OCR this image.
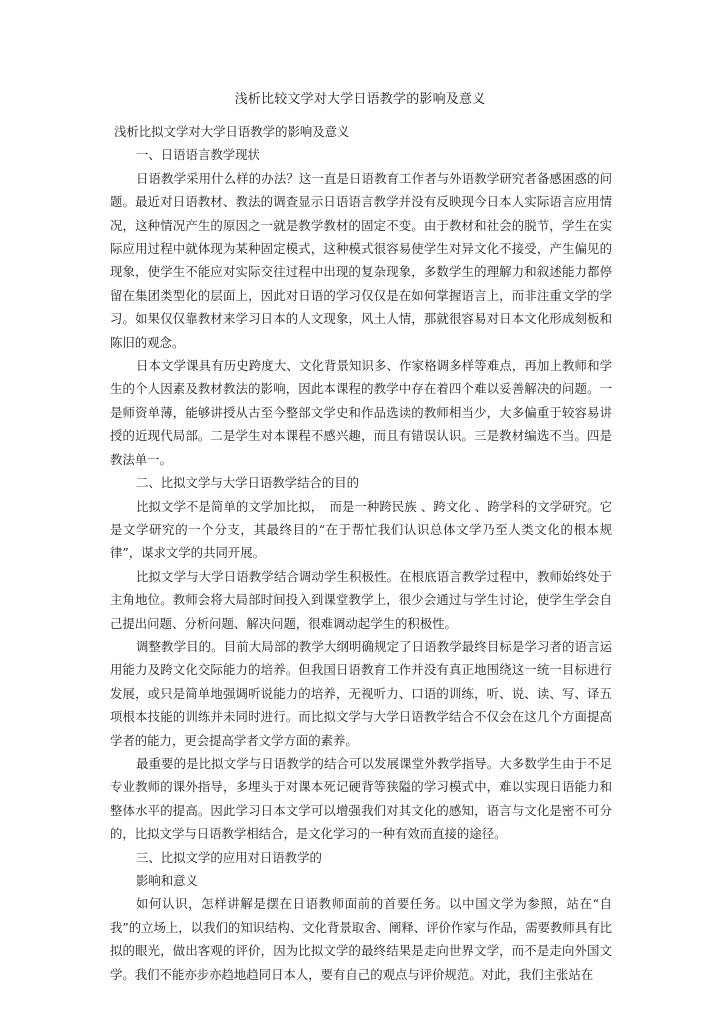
浅析比较文学对大学日语教学的影响及意义

浅析比拟文学对大学日语教学的影响及意义

一、日语语言教学现状

日语教学采用什么样的办法？这一直是日语教育工作者与外语教学研究者备感困惑的问题。最近对日语教材、教法的调查显示日语语言教学并没有反映现今日本人实际语言应用情况，这种情况产生的原因之一就是教学教材的固定不变。由于教材和社会的脱节，学生在实际应用过程中就体现为某种固定模式，这种模式很容易使学生对异文化不接受，产生偏见的现象，使学生不能应对实际交往过程中出现的复杂现象，多数学生的理解力和叙述能力都停留在集团类型化的层面上，因此对日语的学习仅仅是在如何掌握语言上，而非注重文学的学习。如果仅仅靠教材来学习日本的人文现象，风土人情，那就很容易对日本文化形成刻板和陈旧的观念。

日本文学课具有历史跨度大、文化背景知识多、作家格调多样等难点，再加上教师和学生的个人因素及教材教法的影响，因此本课程的教学中存在着四个难以妥善解决的问题。一是师资单薄，能够讲授从古至今整部文学史和作品选读的教师相当少，大多偏重于较容易讲授的近现代局部。二是学生对本课程不感兴趣，而且有错误认识。三是教材编选不当。四是教法单一。

二、比拟文学与大学日语教学结合的目的

比拟文学不是简单的文学加比拟，　而是一种跨民族 、跨文化 、跨学科的文学研究。它是文学研究的一个分支，其最终目的“在于帮忙我们认识总体文学乃至人类文化的根本规律”，谋求文学的共同开展。

比拟文学与大学日语教学结合调动学生积极性。在根底语言教学过程中，教师始终处于主角地位。教师会将大局部时间投入到课堂教学上，很少会通过与学生讨论，使学生学会自己提出问题、分析问题、解决问题，很难调动起学生的积极性。

调整教学目的。目前大局部的教学大纲明确规定了日语教学最终目标是学习者的语言运用能力及跨文化交际能力的培养。但我国日语教育工作并没有真正地围绕这一统一目标进行发展，或只是简单地强调听说能力的培养，无视听力、口语的训练，听、说、读、写、译五项根本技能的训练并未同时进行。而比拟文学与大学日语教学结合不仅会在这几个方面提高学者的能力，更会提高学者文学方面的素养。

最重要的是比拟文学与日语教学的结合可以发展课堂外教学指导。大多数学生由于不足专业教师的课外指导，多埋头于对课本死记硬背等狭隘的学习模式中，难以实现日语能力和整体水平的提高。因此学习日本文学可以增强我们对其文化的感知，语言与文化是密不可分的，比拟文学与日语教学相结合，是文化学习的一种有效而直接的途径。

三、比拟文学的应用对日语教学的

影响和意义

如何认识，怎样讲解是摆在日语教师面前的首要任务。以中国文学为参照，站在“自我”的立场上，以我们的知识结构、文化背景取舍、阐释、评价作家与作品，需要教师具有比拟的眼光，做出客观的评价，因为比拟文学的最终结果是走向世界文学，而不是走向外国文学。我们不能亦步亦趋地趋同日本人，要有自己的观点与评价规范。对此，我们主张站在
